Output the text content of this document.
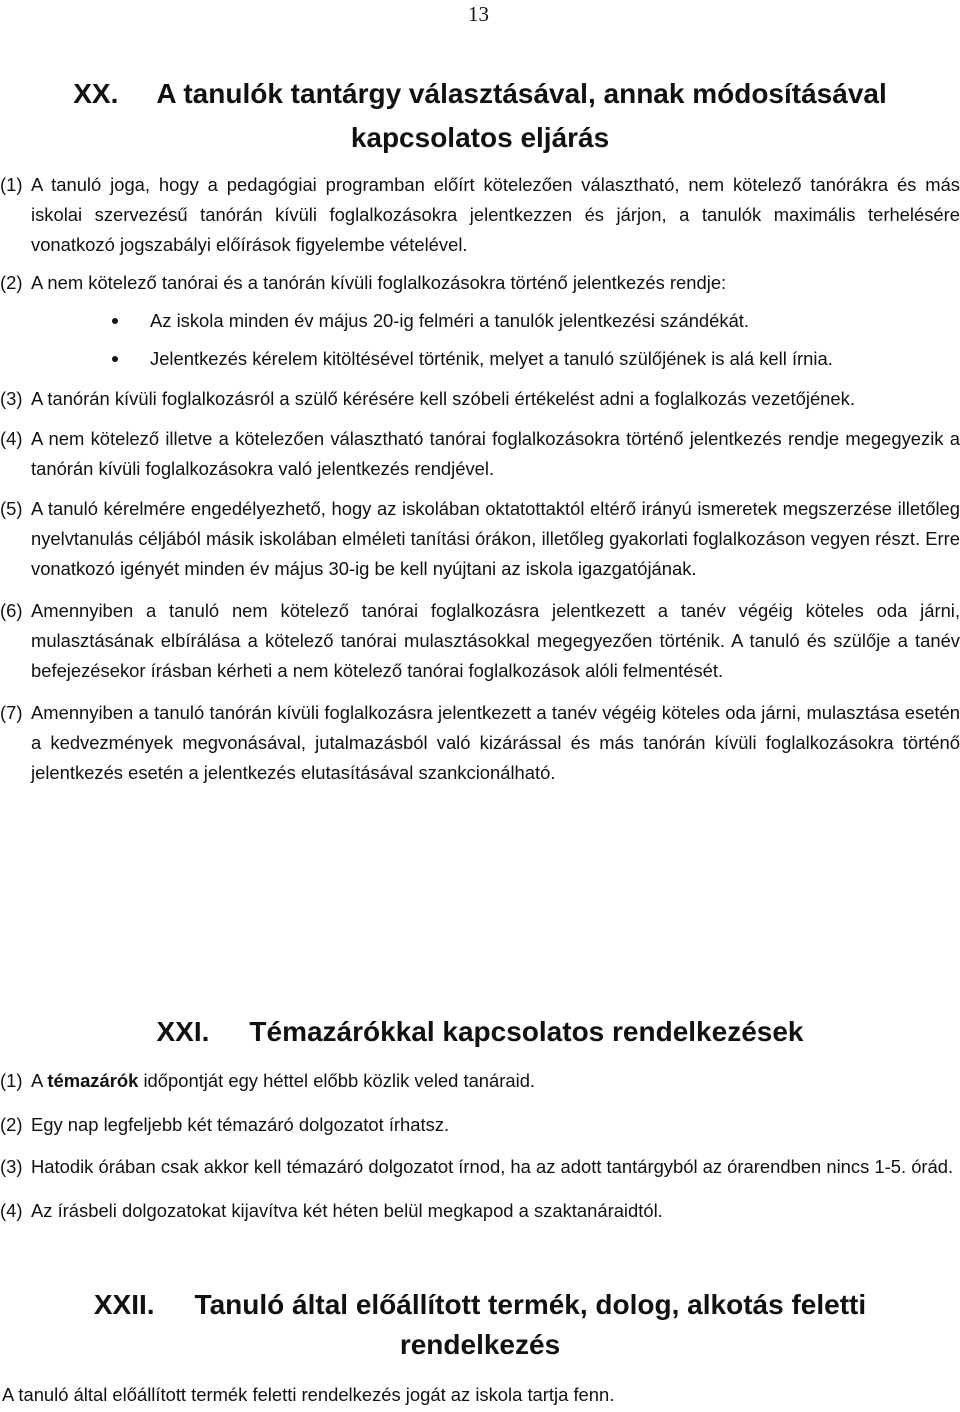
13
XX. A tanulók tantárgy választásával, annak módosításával
kapcsolatos eljárás

(1) A tanuló joga, hogy a pedagógiai programban előírt kötelezően választható, nem kötelező tanórákra és más iskolai szervezésű tanórán kívüli foglalkozásokra jelentkezzen és járjon, a tanulók maximális terhelésére vonatkozó jogszabályi előírások figyelembe vételével.

(2) A nem kötelező tanórai és a tanórán kívüli foglalkozásokra történő jelentkezés rendje:

Az iskola minden év május 20-ig felméri a tanulók jelentkezési szándékát.
Jelentkezés kérelem kitöltésével történik, melyet a tanuló szülőjének is alá kell írnia.

(3) A tanórán kívüli foglalkozásról a szülő kérésére kell szóbeli értékelést adni a foglalkozás vezetőjének.

(4) A nem kötelező illetve a kötelezően választható tanórai foglalkozásokra történő jelentkezés rendje megegyezik a tanórán kívüli foglalkozásokra való jelentkezés rendjével.

(5) A tanuló kérelmére engedélyezhető, hogy az iskolában oktatottaktól eltérő irányú ismeretek megszerzése illetőleg nyelvtanulás céljából másik iskolában elméleti tanítási órákon, illetőleg gyakorlati foglalkozáson vegyen részt. Erre vonatkozó igényét minden év május 30-ig be kell nyújtani az iskola igazgatójának.

(6) Amennyiben a tanuló nem kötelező tanórai foglalkozásra jelentkezett a tanév végéig köteles oda járni, mulasztásának elbírálása a kötelező tanórai mulasztásokkal megegyezően történik. A tanuló és szülője a tanév befejezésekor írásban kérheti a nem kötelező tanórai foglalkozások alóli felmentését.

(7) Amennyiben a tanuló tanórán kívüli foglalkozásra jelentkezett a tanév végéig köteles oda járni, mulasztása esetén a kedvezmények megvonásával, jutalmazásból való kizárással és más tanórán kívüli foglalkozásokra történő jelentkezés esetén a jelentkezés elutasításával szankcionálható.

XXI. Témazárókkal kapcsolatos rendelkezések

(1) A témazárók időpontját egy héttel előbb közlik veled tanáraid.

(2) Egy nap legfeljebb két témazáró dolgozatot írhatsz.

(3) Hatodik órában csak akkor kell témazáró dolgozatot írnod, ha az adott tantárgyból az órarendben nincs 1-5. órád.

(4) Az írásbeli dolgozatokat kijavítva két héten belül megkapod a szaktanáraidtól.

XXII. Tanuló által előállított termék, dolog, alkotás feletti
rendelkezés

A tanuló által előállított termék feletti rendelkezés jogát az iskola tartja fenn.
